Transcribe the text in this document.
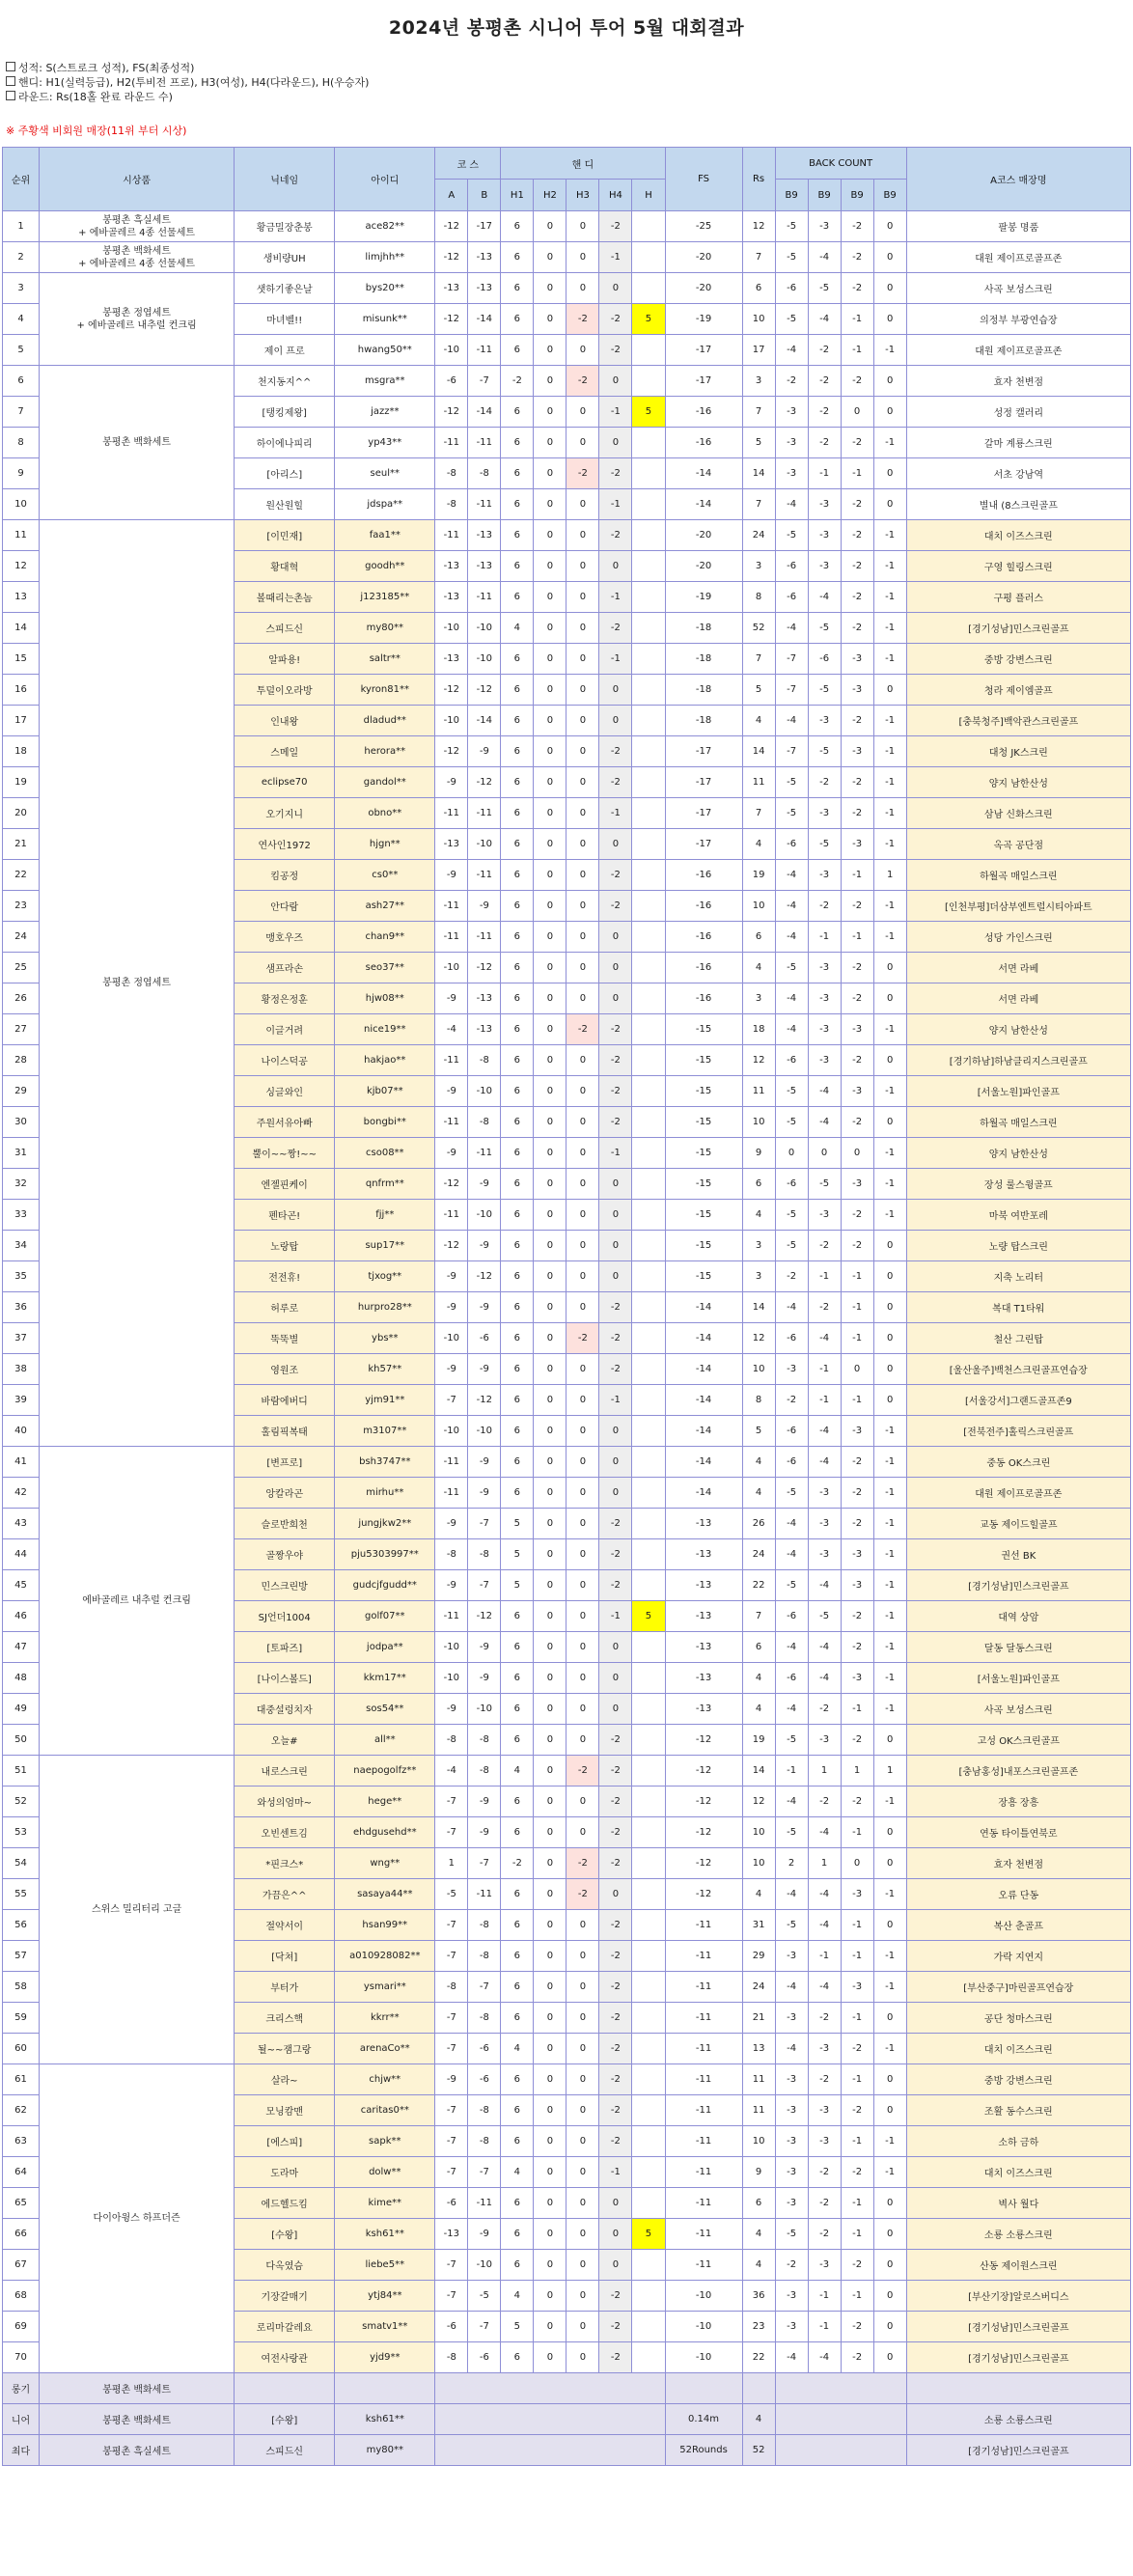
2024년 봉평촌 시니어 투어 5월 대회결과
성적: S(스트로크 성적), FS(최종성적)
핸디: H1(실력등급), H2(투비전 프로), H3(여성), H4(다라운드), H(우승자)
라운드: Rs(18홀 완료 라운드 수)
※ 주황색 비회원 매장(11위 부터 시상)
순위	시상품	닉네임	아이디	코 스		핸 디					FS	Rs	BACK COUNT				A코스 매장명
				A	B	H1	H2	H3	H4	H			B9	B9	B9	B9	
1	봉평촌 흑실세트
+ 에바골레르 4종 선물세트	황금밀장춘봉	ace82**	-12	-17	6	0	0	-2		-25	12	-5	-3	-2	0	팔봉 명품
2	봉평촌 백화세트
+ 에바골레르 4종 선물세트	생비량UH	limjhh**	-12	-13	6	0	0	-1		-20	7	-5	-4	-2	0	대원 제이프로골프존
3	봉평촌 정엽세트
+ 에바골레르 내추럴 컨크림	샛하기좋은날	bys20**	-13	-13	6	0	0	0		-20	6	-6	-5	-2	0	사곡 보성스크린
4		마녀벨!!	misunk**	-12	-14	6	0	-2	-2	5	-19	10	-5	-4	-1	0	의정부 부광연습장
5		제이 프로	hwang50**	-10	-11	6	0	0	-2		-17	17	-4	-2	-1	-1	대원 제이프로골프존
6	봉평촌 백화세트	천지동지^^	msgra**	-6	-7	-2	0	-2	0		-17	3	-2	-2	-2	0	효자 천변점
7		[탱킹제왕]	jazz**	-12	-14	6	0	0	-1	5	-16	7	-3	-2	0	0	성정 캘러리
8		하이에나피리	yp43**	-11	-11	6	0	0	0		-16	5	-3	-2	-2	-1	갈마 계룡스크린
9		[아리스]	seul**	-8	-8	6	0	-2	-2		-14	14	-3	-1	-1	0	서초 강남역
10		원산원힐	jdspa**	-8	-11	6	0	0	-1		-14	7	-4	-3	-2	0	별내 (8스크린골프
11	봉평촌 정엽세트	[이민재]	faa1**	-11	-13	6	0	0	-2		-20	24	-5	-3	-2	-1	대치 이즈스크린
12		황대혁	goodh**	-13	-13	6	0	0	0		-20	3	-6	-3	-2	-1	구영 힐링스크린
13		볼때리는촌놈	j123185**	-13	-11	6	0	0	-1		-19	8	-6	-4	-2	-1	구평 플러스
14		스피드신	my80**	-10	-10	4	0	0	-2		-18	52	-4	-5	-2	-1	[경기성남]민스크린골프
15		알파용!	saltr**	-13	-10	6	0	0	-1		-18	7	-7	-6	-3	-1	중방 강변스크린
16		투덜이오라방	kyron81**	-12	-12	6	0	0	0		-18	5	-7	-5	-3	0	청라 제이엠골프
17		인내왕	dladud**	-10	-14	6	0	0	0		-18	4	-4	-3	-2	-1	[충북청주]백악관스크린골프
18		스메일	herora**	-12	-9	6	0	0	-2		-17	14	-7	-5	-3	-1	대청 JK스크린
19		eclipse70	gandol**	-9	-12	6	0	0	-2		-17	11	-5	-2	-2	-1	양지 남한산성
20		오기지니	obno**	-11	-11	6	0	0	-1		-17	7	-5	-3	-2	-1	삼남 신화스크린
21		연사인1972	hjgn**	-13	-10	6	0	0	0		-17	4	-6	-5	-3	-1	옥곡 공단점
22		킴공정	cs0**	-9	-11	6	0	0	-2		-16	19	-4	-3	-1	1	하월곡 매일스크린
23		안다람	ash27**	-11	-9	6	0	0	-2		-16	10	-4	-2	-2	-1	[인천부평]더삼부엔트럴시티아파트
24		맹호우즈	chan9**	-11	-11	6	0	0	0		-16	6	-4	-1	-1	-1	성당 가인스크린
25		샘프라손	seo37**	-10	-12	6	0	0	0		-16	4	-5	-3	-2	0	서면 라베
26		황정은정훈	hjw08**	-9	-13	6	0	0	0		-16	3	-4	-3	-2	0	서면 라베
27		이글거려	nice19**	-4	-13	6	0	-2	-2		-15	18	-4	-3	-3	-1	양지 남한산성
28		나이스덕공	hakjao**	-11	-8	6	0	0	-2		-15	12	-6	-3	-2	0	[경기하남]하남클리지스크린골프
29		싱글와인	kjb07**	-9	-10	6	0	0	-2		-15	11	-5	-4	-3	-1	[서울노원]파인골프
30		주원서유아빠	bongbi**	-11	-8	6	0	0	-2		-15	10	-5	-4	-2	0	하월곡 매일스크린
31		뿔이~~짱!~~	cso08**	-9	-11	6	0	0	-1		-15	9	0	0	0	-1	양지 남한산성
32		엔젤핀케이	qnfrm**	-12	-9	6	0	0	0		-15	6	-6	-5	-3	-1	장성 룰스윙골프
33		펜타곤!	fjj**	-11	-10	6	0	0	0		-15	4	-5	-3	-2	-1	마북 여반포레
34		노랑탑	sup17**	-12	-9	6	0	0	0		-15	3	-5	-2	-2	0	노량 탑스크린
35		전전휴!	tjxog**	-9	-12	6	0	0	0		-15	3	-2	-1	-1	0	지축 노리터
36		허루로	hurpro28**	-9	-9	6	0	0	-2		-14	14	-4	-2	-1	0	복대 T1타워
37		뚝뚝별	ybs**	-10	-6	6	0	-2	-2		-14	12	-6	-4	-1	0	철산 그린탑
38		영원조	kh57**	-9	-9	6	0	0	-2		-14	10	-3	-1	0	0	[울산울주]백천스크린골프연습장
39		바람에버디	yjm91**	-7	-12	6	0	0	-1		-14	8	-2	-1	-1	0	[서울강서]그랜드골프존9
40		홀림픽복태	m3107**	-10	-10	6	0	0	0		-14	5	-6	-4	-3	-1	[전북전주]홀릭스크린골프
41	에바골레르 내추럴 컨크림	[변프로]	bsh3747**	-11	-9	6	0	0	0		-14	4	-6	-4	-2	-1	중동 OK스크린
42		앙칼라곤	mirhu**	-11	-9	6	0	0	0		-14	4	-5	-3	-2	-1	대원 제이프로골프존
43		슬로반희천	jungjkw2**	-9	-7	5	0	0	-2		-13	26	-4	-3	-2	-1	교동 제이드힐골프
44		골짱우야	pju5303997**	-8	-8	5	0	0	-2		-13	24	-4	-3	-3	-1	권선 BK
45		민스크린방	gudcjfgudd**	-9	-7	5	0	0	-2		-13	22	-5	-4	-3	-1	[경기성남]민스크린골프
46		SJ언더1004	golf07**	-11	-12	6	0	0	-1	5	-13	7	-6	-5	-2	-1	대역 상암
47		[토파즈]	jodpa**	-10	-9	6	0	0	0		-13	6	-4	-4	-2	-1	달동 달동스크린
48		[나이스볼드]	kkm17**	-10	-9	6	0	0	0		-13	4	-6	-4	-3	-1	[서울노원]파인골프
49		대중설렁치자	sos54**	-9	-10	6	0	0	0		-13	4	-4	-2	-1	-1	사곡 보성스크린
50		오늘#	all**	-8	-8	6	0	0	-2		-12	19	-5	-3	-2	0	고성 OK스크린골프
51	스위스 밀리터리 고글	내로스크린	naepogolfz**	-4	-8	4	0	-2	-2		-12	14	-1	1	1	1	[충남홍성]내포스크린골프존
52		와성의엄마~	hege**	-7	-9	6	0	0	-2		-12	12	-4	-2	-2	-1	장흥 장흥
53		오빈센트김	ehdgusehd**	-7	-9	6	0	0	-2		-12	10	-5	-4	-1	0	연동 타이틀연북로
54		*핀크스*	wng**	1	-7	-2	0	-2	-2		-12	10	2	1	0	0	효자 천변점
55		가끔은^^	sasaya44**	-5	-11	6	0	-2	0		-12	4	-4	-4	-3	-1	오류 단동
56		절약서이	hsan99**	-7	-8	6	0	0	-2		-11	31	-5	-4	-1	0	복산 춘골프
57		[닥쳐]	a010928082**	-7	-8	6	0	0	-2		-11	29	-3	-1	-1	-1	가락 지연지
58		부터가	ysmari**	-8	-7	6	0	0	-2		-11	24	-4	-4	-3	-1	[부산중구]마린골프연습장
59		크리스핵	kkrr**	-7	-8	6	0	0	-2		-11	21	-3	-2	-1	0	공단 청마스크린
60		될~~잼그랑	arenaCo**	-7	-6	4	0	0	-2		-11	13	-4	-3	-2	-1	대치 이즈스크린
61	다이아윙스 하프더즌	살라~	chjw**	-9	-6	6	0	0	-2		-11	11	-3	-2	-1	0	중방 강변스크린
62		모닝캄맨	caritas0**	-7	-8	6	0	0	-2		-11	11	-3	-3	-2	0	조활 동수스크린
63		[에스피]	sapk**	-7	-8	6	0	0	-2		-11	10	-3	-3	-1	-1	소하 금하
64		도라마	dolw**	-7	-7	4	0	0	-1		-11	9	-3	-2	-2	-1	대치 이즈스크린
65		에드헬드킴	kime**	-6	-11	6	0	0	0		-11	6	-3	-2	-1	0	벽사 월다
66		[수왕]	ksh61**	-13	-9	6	0	0	0	5	-11	4	-5	-2	-1	0	소룡 소룡스크린
67		다옥였슴	liebe5**	-7	-10	6	0	0	0		-11	4	-2	-3	-2	0	산동 제이원스크린
68		기장갈매기	ytj84**	-7	-5	4	0	0	-2		-10	36	-3	-1	-1	0	[부산기장]알로스버디스
69		로리마갈레요	smatv1**	-6	-7	5	0	0	-2		-10	23	-3	-1	-2	0	[경기성남]민스크린골프
70		여전사랑관	yjd9**	-8	-6	6	0	0	-2		-10	22	-4	-4	-2	0	[경기성남]민스크린골프
롱기	봉평촌 백화세트																
니어	봉평촌 백화세트	[수왕]	ksh61**								0.14m	4					소룡 소룡스크린
최다	봉평촌 흑실세트	스피드신	my80**								52Rounds	52					[경기성남]민스크린골프
